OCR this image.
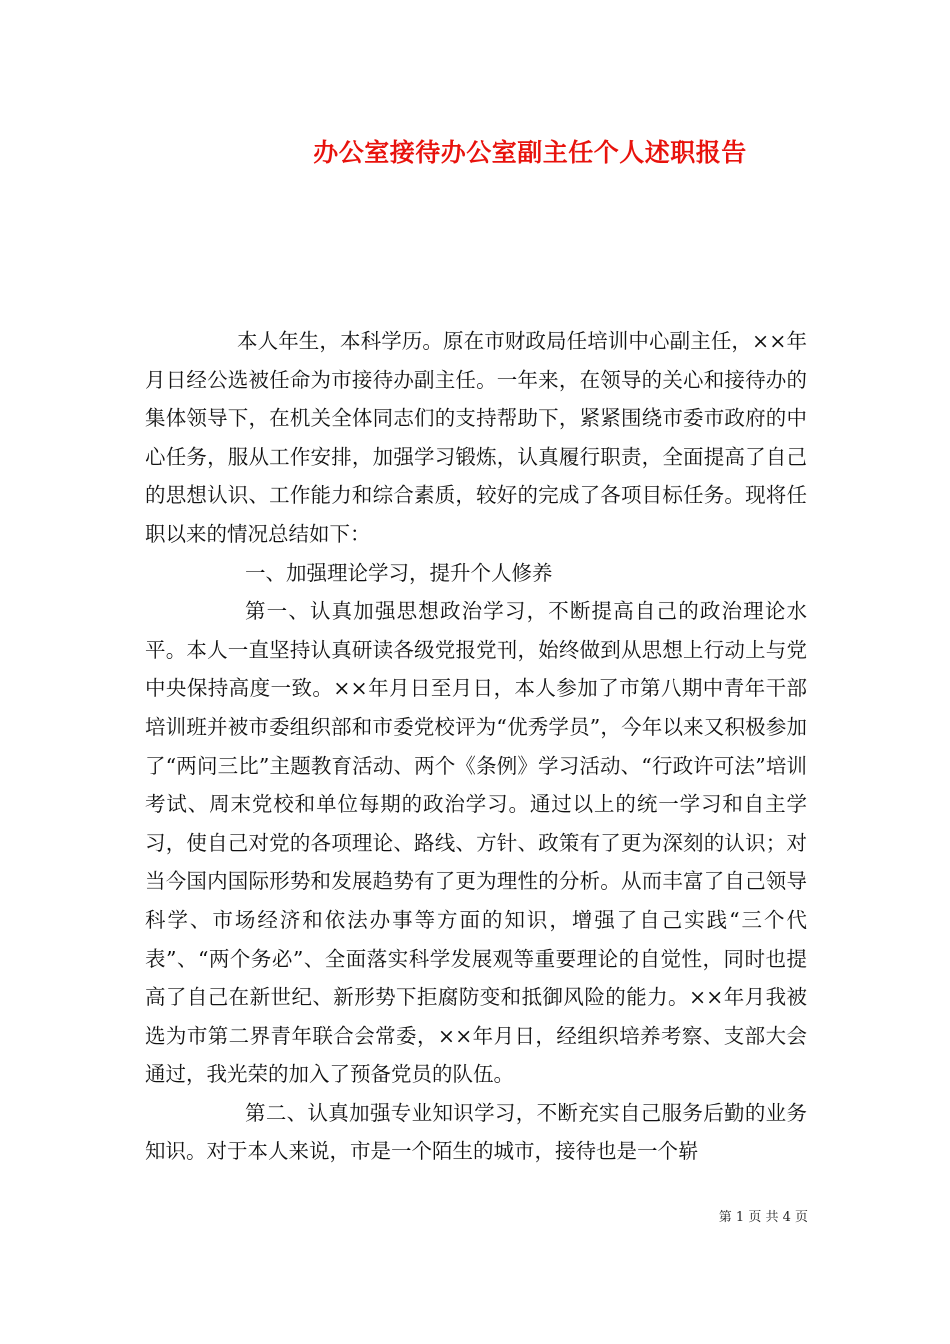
办公室接待办公室副主任个人述职报告

本人年生，本科学历。原在市财政局任培训中心副主任，××年月日经公选被任命为市接待办副主任。一年来，在领导的关心和接待办的集体领导下，在机关全体同志们的支持帮助下，紧紧围绕市委市政府的中心任务，服从工作安排，加强学习锻炼，认真履行职责，全面提高了自己的思想认识、工作能力和综合素质，较好的完成了各项目标任务。现将任职以来的情况总结如下：

一、加强理论学习，提升个人修养

第一、认真加强思想政治学习，不断提高自己的政治理论水平。本人一直坚持认真研读各级党报党刊，始终做到从思想上行动上与党中央保持高度一致。××年月日至月日，本人参加了市第八期中青年干部培训班并被市委组织部和市委党校评为“优秀学员”，今年以来又积极参加了“两问三比”主题教育活动、两个《条例》学习活动、“行政许可法”培训考试、周末党校和单位每期的政治学习。通过以上的统一学习和自主学习，使自己对党的各项理论、路线、方针、政策有了更为深刻的认识；对当今国内国际形势和发展趋势有了更为理性的分析。从而丰富了自己领导科学、市场经济和依法办事等方面的知识，增强了自己实践“三个代表”、“两个务必”、全面落实科学发展观等重要理论的自觉性，同时也提高了自己在新世纪、新形势下拒腐防变和抵御风险的能力。××年月我被选为市第二界青年联合会常委，××年月日，经组织培养考察、支部大会通过，我光荣的加入了预备党员的队伍。

第二、认真加强专业知识学习，不断充实自己服务后勤的业务知识。对于本人来说，市是一个陌生的城市，接待也是一个崭

第 1 页 共 4 页
